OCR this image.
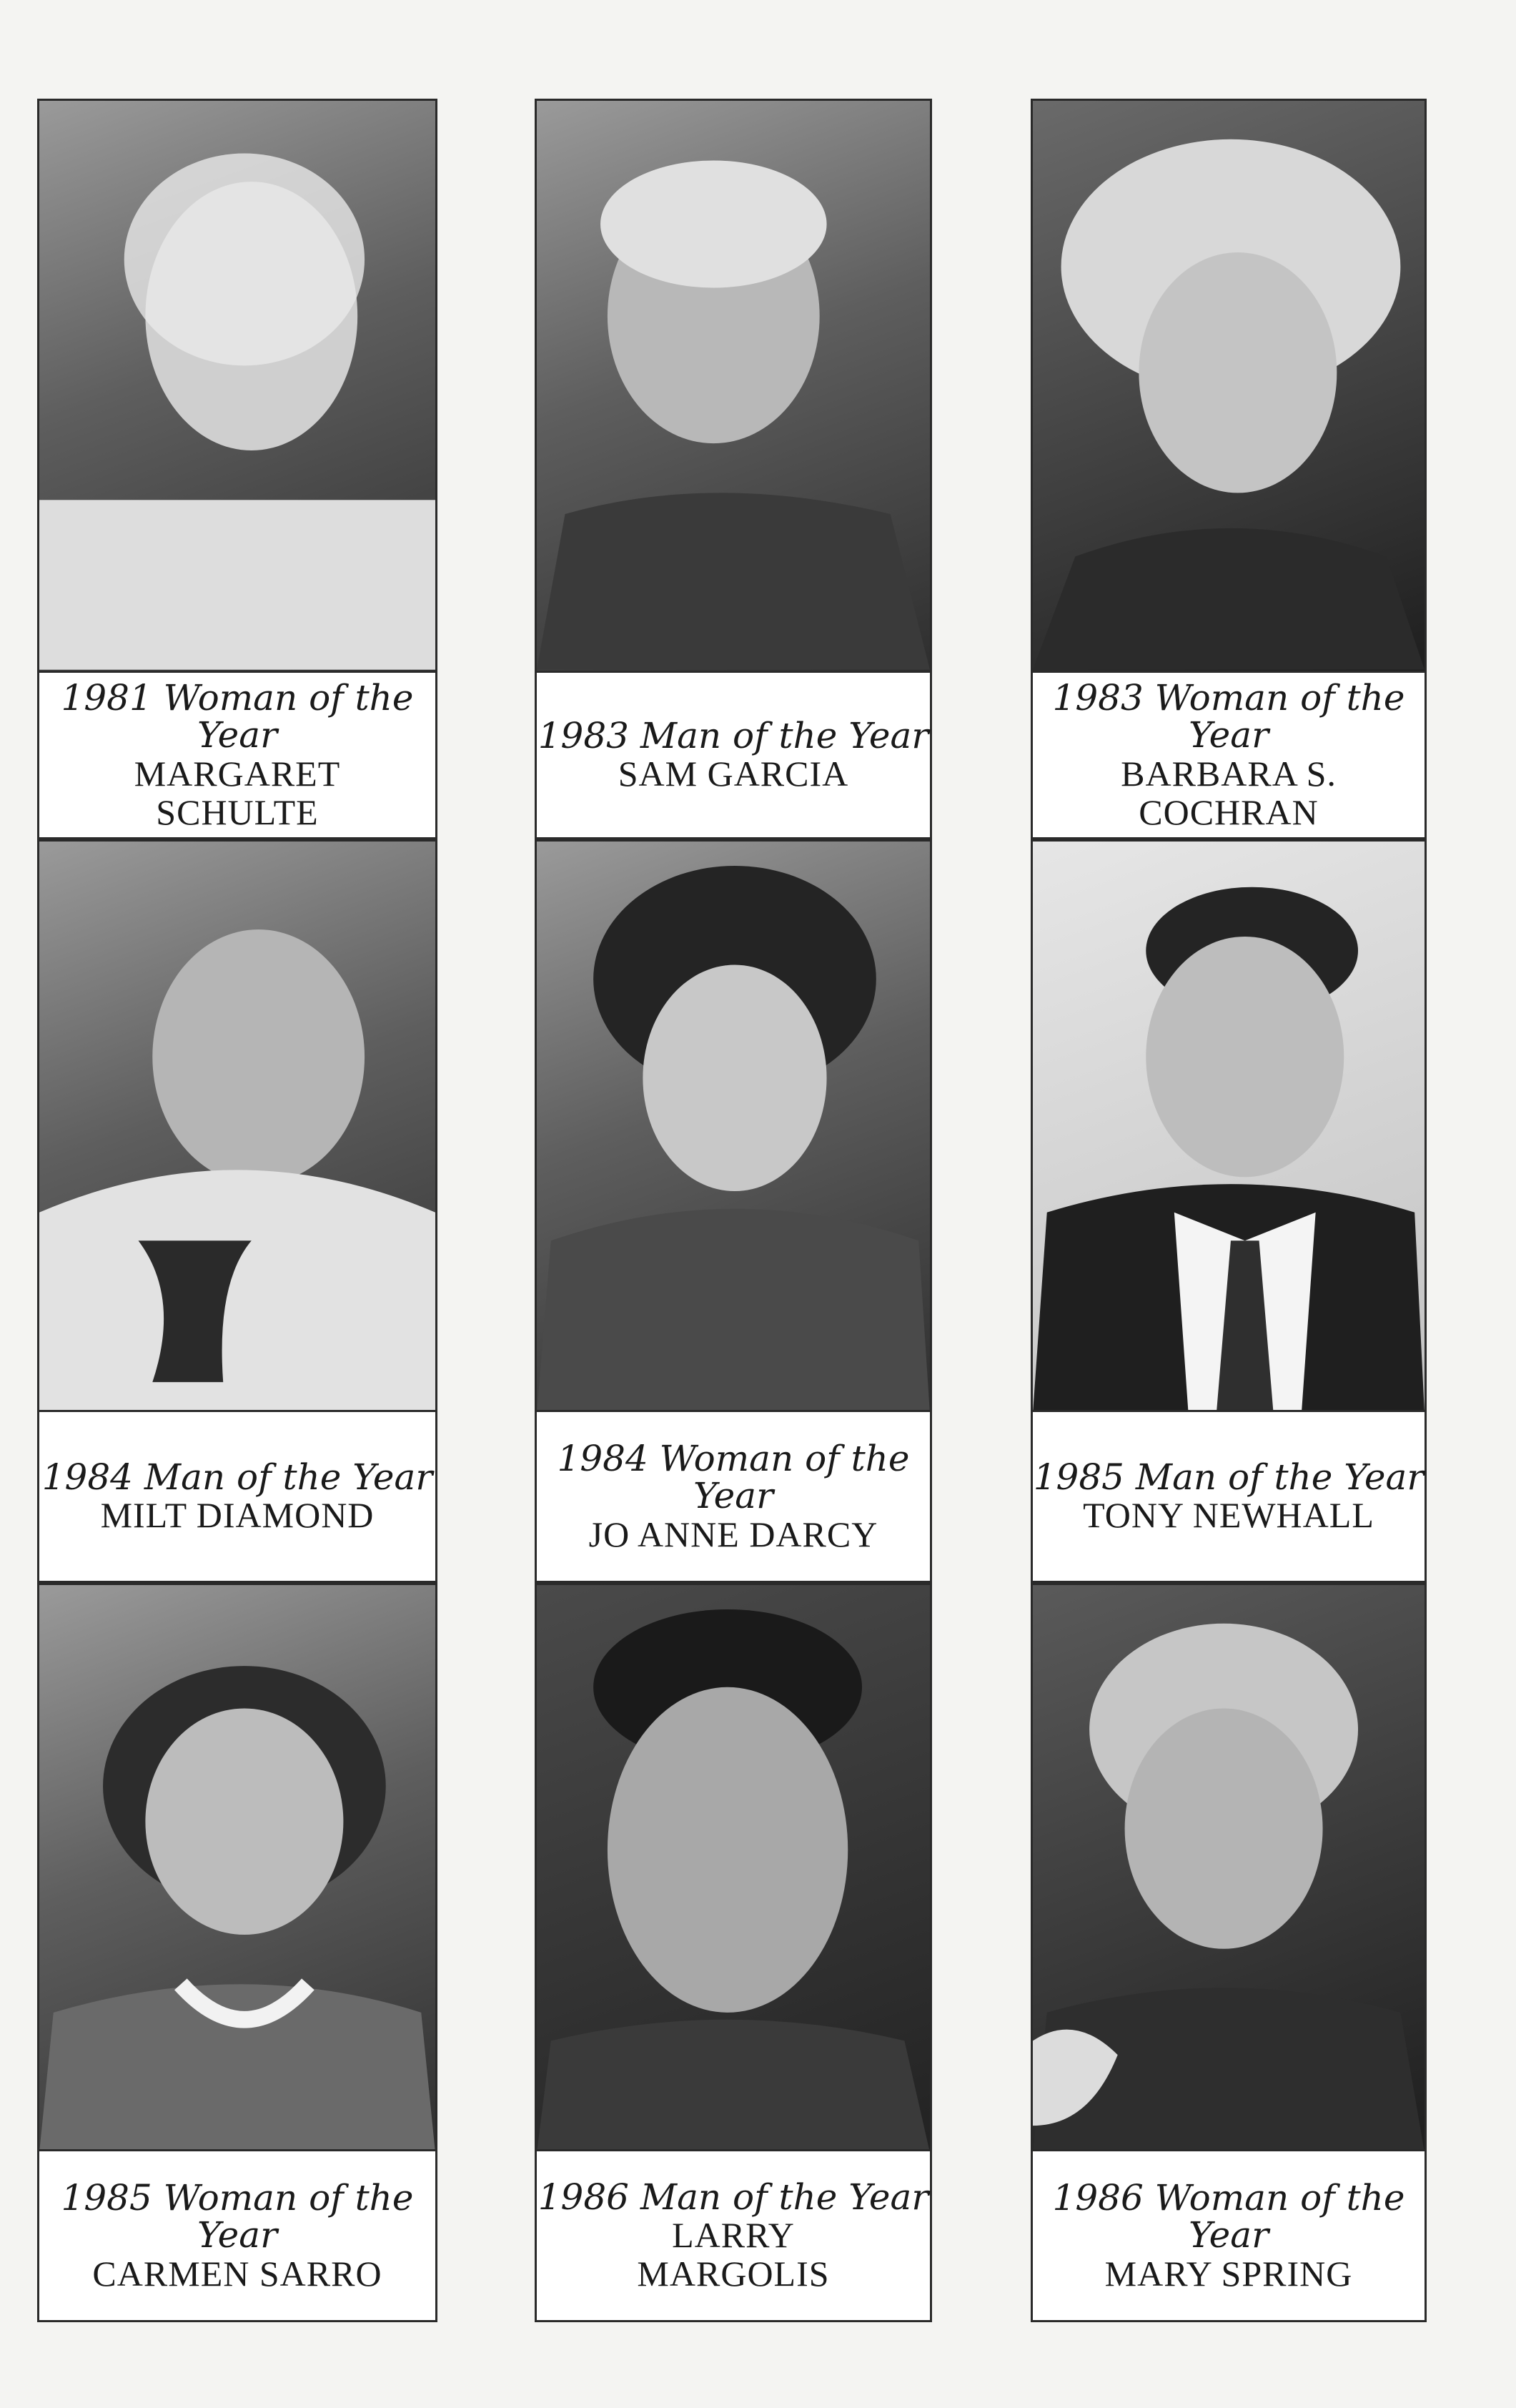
1981 Woman of the Year
MARGARET SCHULTE
1983 Man of the Year
SAM GARCIA
1983 Woman of the Year
BARBARA S. COCHRAN
1984 Man of the Year
MILT DIAMOND
1984 Woman of the Year
JO ANNE DARCY
1985 Man of the Year
TONY NEWHALL
1985 Woman of the Year
CARMEN SARRO
1986 Man of the Year
LARRY MARGOLIS
1986 Woman of the Year
MARY SPRING
